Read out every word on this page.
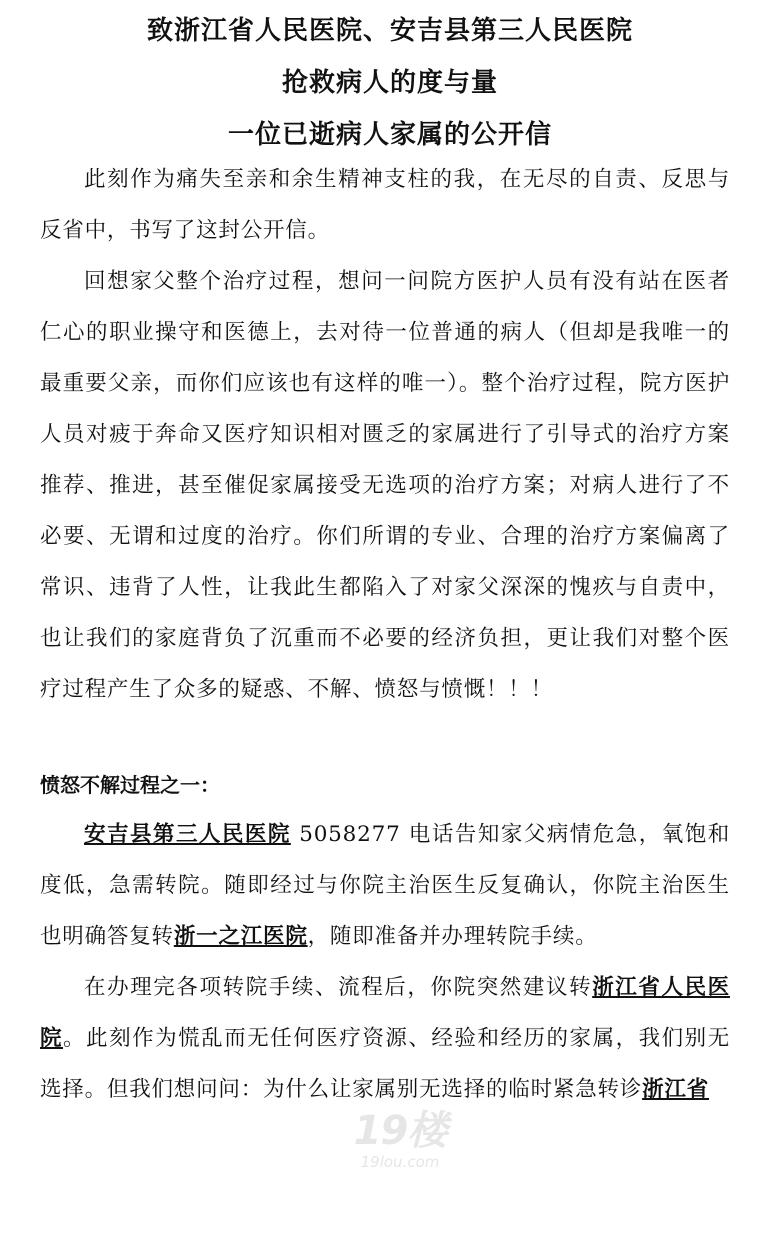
致浙江省人民医院、安吉县第三人民医院
抢救病人的度与量
一位已逝病人家属的公开信

此刻作为痛失至亲和余生精神支柱的我，在无尽的自责、反思与反省中，书写了这封公开信。

回想家父整个治疗过程，想问一问院方医护人员有没有站在医者仁心的职业操守和医德上，去对待一位普通的病人（但却是我唯一的最重要父亲，而你们应该也有这样的唯一）。整个治疗过程，院方医护人员对疲于奔命又医疗知识相对匮乏的家属进行了引导式的治疗方案推荐、推进，甚至催促家属接受无选项的治疗方案；对病人进行了不必要、无谓和过度的治疗。你们所谓的专业、合理的治疗方案偏离了常识、违背了人性，让我此生都陷入了对家父深深的愧疚与自责中，也让我们的家庭背负了沉重而不必要的经济负担，更让我们对整个医疗过程产生了众多的疑惑、不解、愤怒与愤慨！！！

愤怒不解过程之一：

安吉县第三人民医院 5058277 电话告知家父病情危急，氧饱和度低，急需转院。随即经过与你院主治医生反复确认，你院主治医生也明确答复转浙一之江医院，随即准备并办理转院手续。

在办理完各项转院手续、流程后，你院突然建议转浙江省人民医院。此刻作为慌乱而无任何医疗资源、经验和经历的家属，我们别无选择。但我们想问问：为什么让家属别无选择的临时紧急转诊浙江省

19楼
19lou.com
